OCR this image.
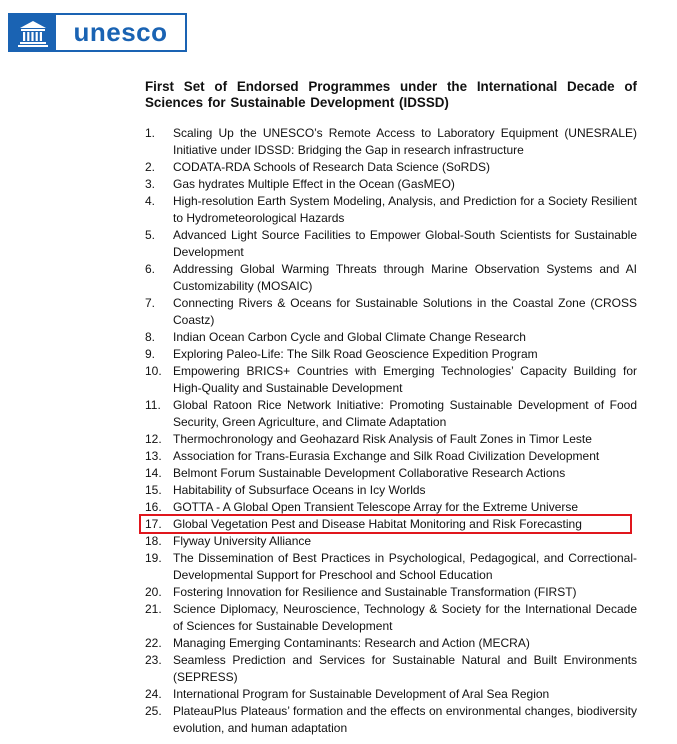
unesco
First Set of Endorsed Programmes under the International Decade of Sciences for Sustainable Development (IDSSD)
1. Scaling Up the UNESCO’s Remote Access to Laboratory Equipment (UNESRALE) Initiative under IDSSD: Bridging the Gap in research infrastructure
2. CODATA-RDA Schools of Research Data Science (SoRDS)
3. Gas hydrates Multiple Effect in the Ocean (GasMEO)
4. High-resolution Earth System Modeling, Analysis, and Prediction for a Society Resilient to Hydrometeorological Hazards
5. Advanced Light Source Facilities to Empower Global-South Scientists for Sustainable Development
6. Addressing Global Warming Threats through Marine Observation Systems and AI Customizability (MOSAIC)
7. Connecting Rivers & Oceans for Sustainable Solutions in the Coastal Zone (CROSS Coastz)
8. Indian Ocean Carbon Cycle and Global Climate Change Research
9. Exploring Paleo-Life: The Silk Road Geoscience Expedition Program
10. Empowering BRICS+ Countries with Emerging Technologies’ Capacity Building for High-Quality and Sustainable Development
11. Global Ratoon Rice Network Initiative: Promoting Sustainable Development of Food Security, Green Agriculture, and Climate Adaptation
12. Thermochronology and Geohazard Risk Analysis of Fault Zones in Timor Leste
13. Association for Trans-Eurasia Exchange and Silk Road Civilization Development
14. Belmont Forum Sustainable Development Collaborative Research Actions
15. Habitability of Subsurface Oceans in Icy Worlds
16. GOTTA - A Global Open Transient Telescope Array for the Extreme Universe
17. Global Vegetation Pest and Disease Habitat Monitoring and Risk Forecasting
18. Flyway University Alliance
19. The Dissemination of Best Practices in Psychological, Pedagogical, and Correctional-Developmental Support for Preschool and School Education
20. Fostering Innovation for Resilience and Sustainable Transformation (FIRST)
21. Science Diplomacy, Neuroscience, Technology & Society for the International Decade of Sciences for Sustainable Development
22. Managing Emerging Contaminants: Research and Action (MECRA)
23. Seamless Prediction and Services for Sustainable Natural and Built Environments (SEPRESS)
24. International Program for Sustainable Development of Aral Sea Region
25. PlateauPlus Plateaus’ formation and the effects on environmental changes, biodiversity evolution, and human adaptation
